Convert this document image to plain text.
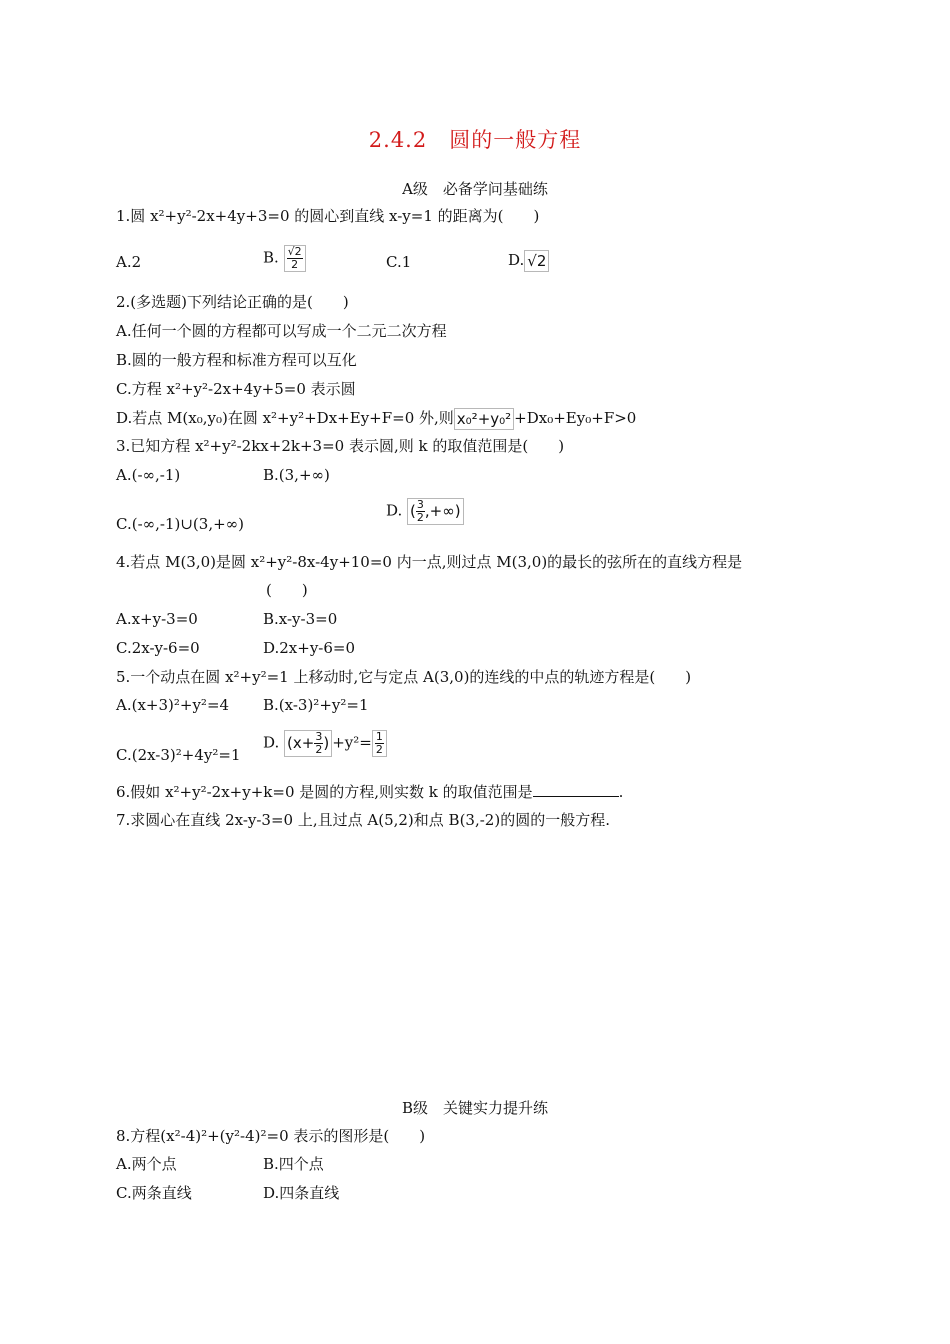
2.4.2　圆的一般方程
A级　必备学问基础练
1.圆 x²+y²-2x+4y+3=0 的圆心到直线 x-y=1 的距离为(　　)
A.2	B. $\frac{√2}{2}$	C.1	D. √2
2.(多选题)下列结论正确的是(　　)
A.任何一个圆的方程都可以写成一个二元二次方程
B.圆的一般方程和标准方程可以互化
C.方程 x²+y²-2x+4y+5=0 表示圆
D.若点 M(x₀,y₀)在圆 x²+y²+Dx+Ey+F=0 外,则 x₀²+y₀² +Dx₀+Ey₀+F>0
3.已知方程 x²+y²-2kx+2k+3=0 表示圆,则 k 的取值范围是(　　)
A.(-∞,-1)	B.(3,+∞)
C.(-∞,-1)∪(3,+∞)
D. ( $\frac{3}{2}$ ,+∞)
4.若点 M(3,0)是圆 x²+y²-8x-4y+10=0 内一点,则过点 M(3,0)的最长的弦所在的直线方程是
(　　)
A.x+y-3=0	B.x-y-3=0
C.2x-y-6=0	D.2x+y-6=0
5.一个动点在圆 x²+y²=1 上移动时,它与定点 A(3,0)的连线的中点的轨迹方程是(　　)
A.(x+3)²+y²=4 B.(x-3)²+y²=1
C.(2x-3)²+4y²=1
D. ($x+ \frac{3}{2}$ ) $+y^2= \frac{1}{2}$
6.假如 x²+y²-2x+y+k=0 是圆的方程,则实数 k 的取值范围是	.
7.求圆心在直线 2x-y-3=0 上,且过点 A(5,2)和点 B(3,-2)的圆的一般方程.
B级　关键实力提升练
8.方程(x²-4)²+(y²-4)²=0 表示的图形是(　　)
A.两个点	B.四个点
C.两条直线	D.四条直线
